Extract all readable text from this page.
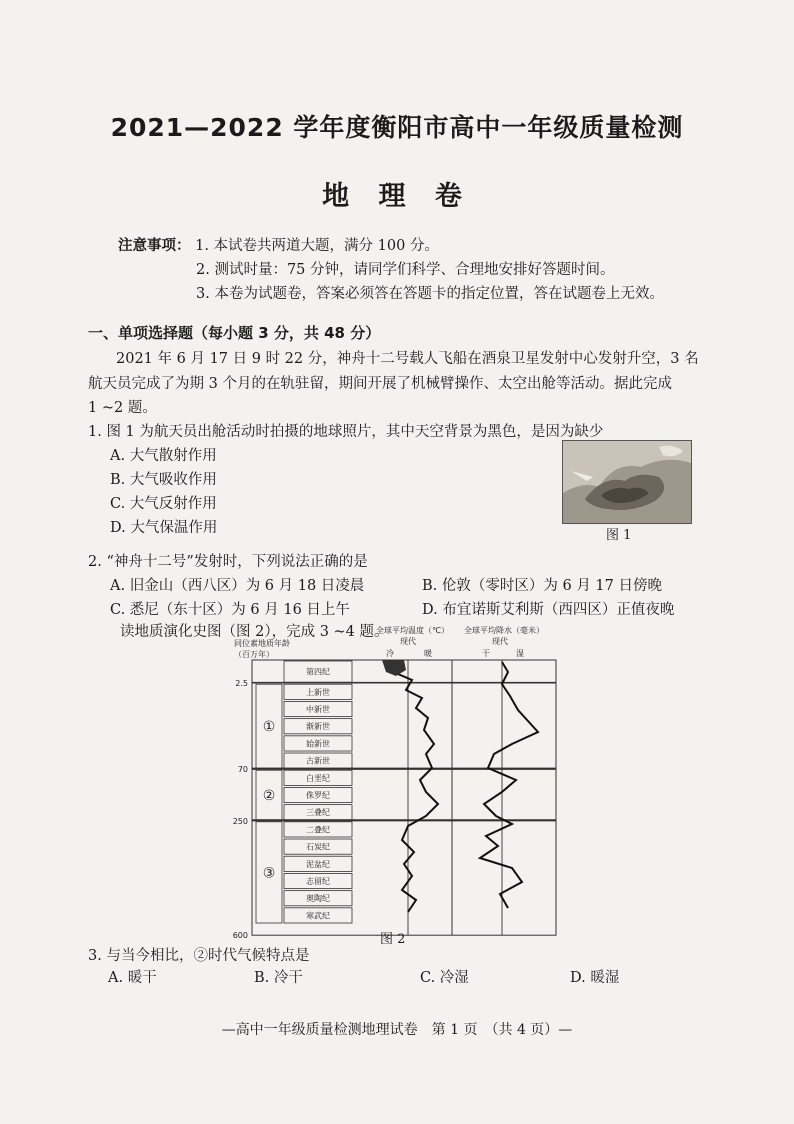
2021—2022 学年度衡阳市高中一年级质量检测
地 理 卷
注意事项： 1. 本试卷共两道大题，满分 100 分。
2. 测试时量：75 分钟，请同学们科学、合理地安排好答题时间。
3. 本卷为试题卷，答案必须答在答题卡的指定位置，答在试题卷上无效。
一、单项选择题（每小题 3 分，共 48 分）
2021 年 6 月 17 日 9 时 22 分，神舟十二号载人飞船在酒泉卫星发射中心发射升空，3 名
航天员完成了为期 3 个月的在轨驻留，期间开展了机械臂操作、太空出舱等活动。据此完成
1 ~2 题。
1. 图 1 为航天员出舱活动时拍摄的地球照片，其中天空背景为黑色，是因为缺少
A. 大气散射作用
B. 大气吸收作用
C. 大气反射作用
D. 大气保温作用	图 1
2. “神舟十二号”发射时，下列说法正确的是
A. 旧金山（西八区）为 6 月 18 日凌晨	B. 伦敦（零时区）为 6 月 17 日傍晚
C. 悉尼（东十区）为 6 月 16 日上午	D. 布宜诺斯艾利斯（西四区）正值夜晚
读地质演化史图（图 2），完成 3 ~4 题。
同位素地质年龄
（百万年）
全球平均温度（℃）
现代
冷	暖
全球平均降水（毫米）
现代
干	湿
第四纪
上新世
中新世
渐新世
始新世
古新世
白垩纪
侏罗纪
三叠纪
二叠纪
石炭纪
泥盆纪
志留纪
奥陶纪
寒武纪
①
②
③
2.5
70
250
600	图 2
3. 与当今相比，②时代气候特点是
A. 暖干	B. 冷干	C. 冷湿	D. 暖湿
—高中一年级质量检测地理试卷　第 1 页　（共 4 页）—
